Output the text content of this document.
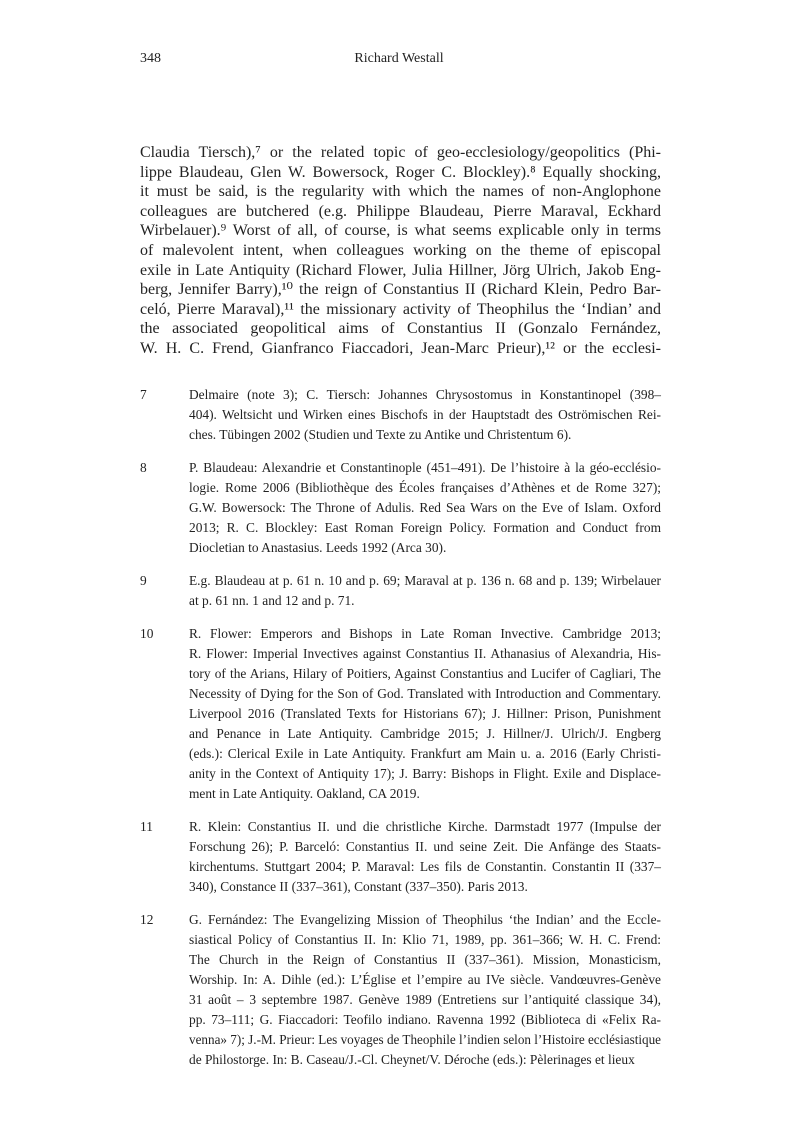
348	Richard Westall
Claudia Tiersch),⁷ or the related topic of geo-ecclesiology/geopolitics (Phi-
lippe Blaudeau, Glen W. Bowersock, Roger C. Blockley).⁸ Equally shocking,
it must be said, is the regularity with which the names of non-Anglophone
colleagues are butchered (e.g. Philippe Blaudeau, Pierre Maraval, Eckhard
Wirbelauer).⁹ Worst of all, of course, is what seems explicable only in terms
of malevolent intent, when colleagues working on the theme of episcopal
exile in Late Antiquity (Richard Flower, Julia Hillner, Jörg Ulrich, Jakob Eng-
berg, Jennifer Barry),¹⁰ the reign of Constantius II (Richard Klein, Pedro Bar-
celó, Pierre Maraval),¹¹ the missionary activity of Theophilus the ‘Indian’ and
the associated geopolitical aims of Constantius II (Gonzalo Fernández,
W. H. C. Frend, Gianfranco Fiaccadori, Jean-Marc Prieur),¹² or the ecclesi-
7	Delmaire (note 3); C. Tiersch: Johannes Chrysostomus in Konstantinopel (398–
404). Weltsicht und Wirken eines Bischofs in der Hauptstadt des Oströmischen Rei-
ches. Tübingen 2002 (Studien und Texte zu Antike und Christentum 6).
8	P. Blaudeau: Alexandrie et Constantinople (451–491). De l’histoire à la géo-ecclésio-
logie. Rome 2006 (Bibliothèque des Écoles françaises d’Athènes et de Rome 327);
G.W. Bowersock: The Throne of Adulis. Red Sea Wars on the Eve of Islam. Oxford
2013; R. C. Blockley: East Roman Foreign Policy. Formation and Conduct from
Diocletian to Anastasius. Leeds 1992 (Arca 30).
9	E.g. Blaudeau at p. 61 n. 10 and p. 69; Maraval at p. 136 n. 68 and p. 139; Wirbelauer
at p. 61 nn. 1 and 12 and p. 71.
10	R. Flower: Emperors and Bishops in Late Roman Invective. Cambridge 2013;
R. Flower: Imperial Invectives against Constantius II. Athanasius of Alexandria, His-
tory of the Arians, Hilary of Poitiers, Against Constantius and Lucifer of Cagliari, The
Necessity of Dying for the Son of God. Translated with Introduction and Commentary.
Liverpool 2016 (Translated Texts for Historians 67); J. Hillner: Prison, Punishment
and Penance in Late Antiquity. Cambridge 2015; J. Hillner/J. Ulrich/J. Engberg
(eds.): Clerical Exile in Late Antiquity. Frankfurt am Main u. a. 2016 (Early Christi-
anity in the Context of Antiquity 17); J. Barry: Bishops in Flight. Exile and Displace-
ment in Late Antiquity. Oakland, CA 2019.
11	R. Klein: Constantius II. und die christliche Kirche. Darmstadt 1977 (Impulse der
Forschung 26); P. Barceló: Constantius II. und seine Zeit. Die Anfänge des Staats-
kirchentums. Stuttgart 2004; P. Maraval: Les fils de Constantin. Constantin II (337–
340), Constance II (337–361), Constant (337–350). Paris 2013.
12	G. Fernández: The Evangelizing Mission of Theophilus ‘the Indian’ and the Eccle-
siastical Policy of Constantius II. In: Klio 71, 1989, pp. 361–366; W. H. C. Frend:
The Church in the Reign of Constantius II (337–361). Mission, Monasticism,
Worship. In: A. Dihle (ed.): L’Église et l’empire au IVe siècle. Vandœuvres-Genève
31 août – 3 septembre 1987. Genève 1989 (Entretiens sur l’antiquité classique 34),
pp. 73–111; G. Fiaccadori: Teofilo indiano. Ravenna 1992 (Biblioteca di «Felix Ra-
venna» 7); J.-M. Prieur: Les voyages de Theophile l’indien selon l’Histoire ecclésiastique
de Philostorge. In: B. Caseau/J.-Cl. Cheynet/V. Déroche (eds.): Pèlerinages et lieux
